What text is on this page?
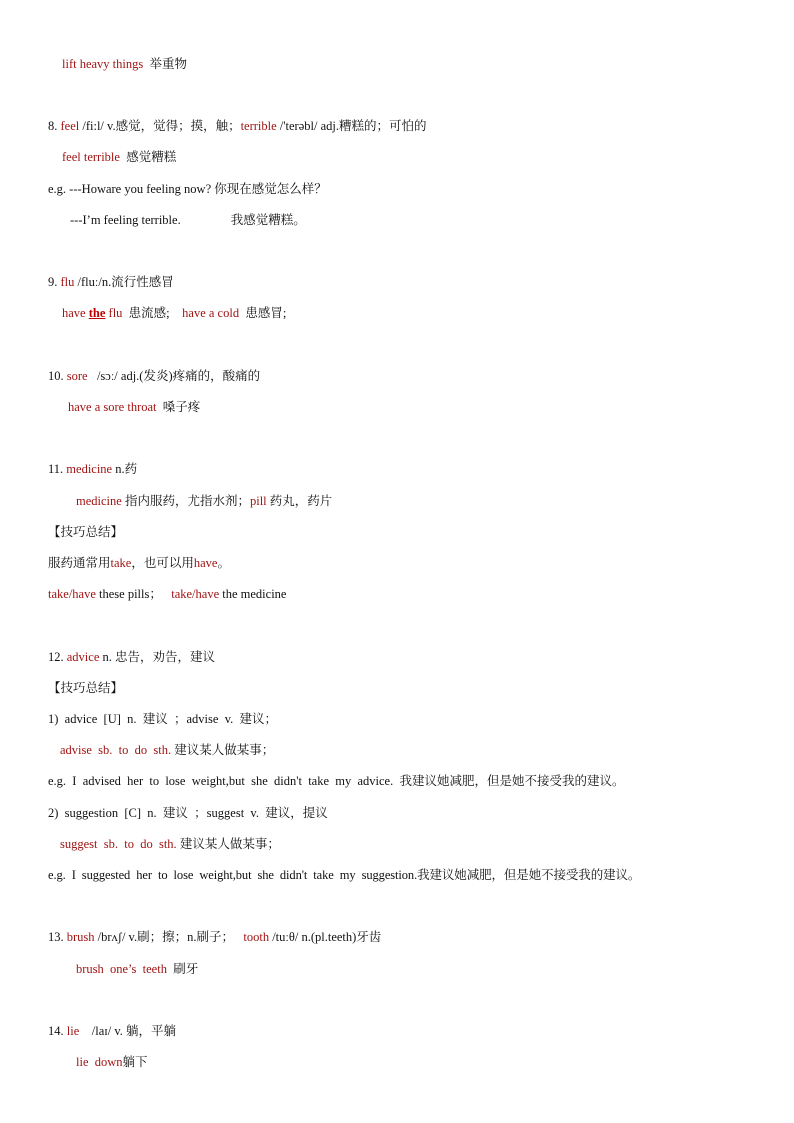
lift heavy things 举重物
8. feel /fi:l/ v.感觉，觉得；摸，触；terrible /'terəbl/ adj.糟糕的；可怕的
feel terrible 感觉糟糕
e.g. ---Howare you feeling now? 你现在感觉怎么样？
---I’m feeling terrible.	我感觉糟糕。
9. flu /fluː/n.流行性感冒
have the flu 患流感; have a cold 患感冒;
10. sore /sɔː/ adj.(发炎)疼痛的，酸痛的
have a sore throat 嗓子疼
11. medicine n.药
medicine 指内服药，尤指水剂；pill 药丸，药片
【技巧总结】
服药通常用take，也可以用have。
take/have these pills； take/have the medicine
12. advice n. 忠告，劝告，建议
【技巧总结】
1)  advice  [U]  n.  建议  ；advise  v.  建议；
advise  sb.  to  do  sth. 建议某人做某事；
e.g.  I  advised  her  to  lose  weight,but  she  didn't  take  my  advice.  我建议她减肥，但是她不接受我的建议。
2)  suggestion  [C]  n.  建议  ；suggest  v.  建议，提议
suggest  sb.  to  do  sth. 建议某人做某事；
e.g.  I  suggested  her  to  lose  weight,but  she  didn't  take  my  suggestion.我建议她减肥，但是她不接受我的建议。
13. brush /brʌʃ/ v.刷；擦；n.刷子； tooth /tuːθ/ n.(pl.teeth)牙齿
brush  one’s  teeth 刷牙
14. lie /laɪ/ v. 躺，平躺
lie  down躺下
